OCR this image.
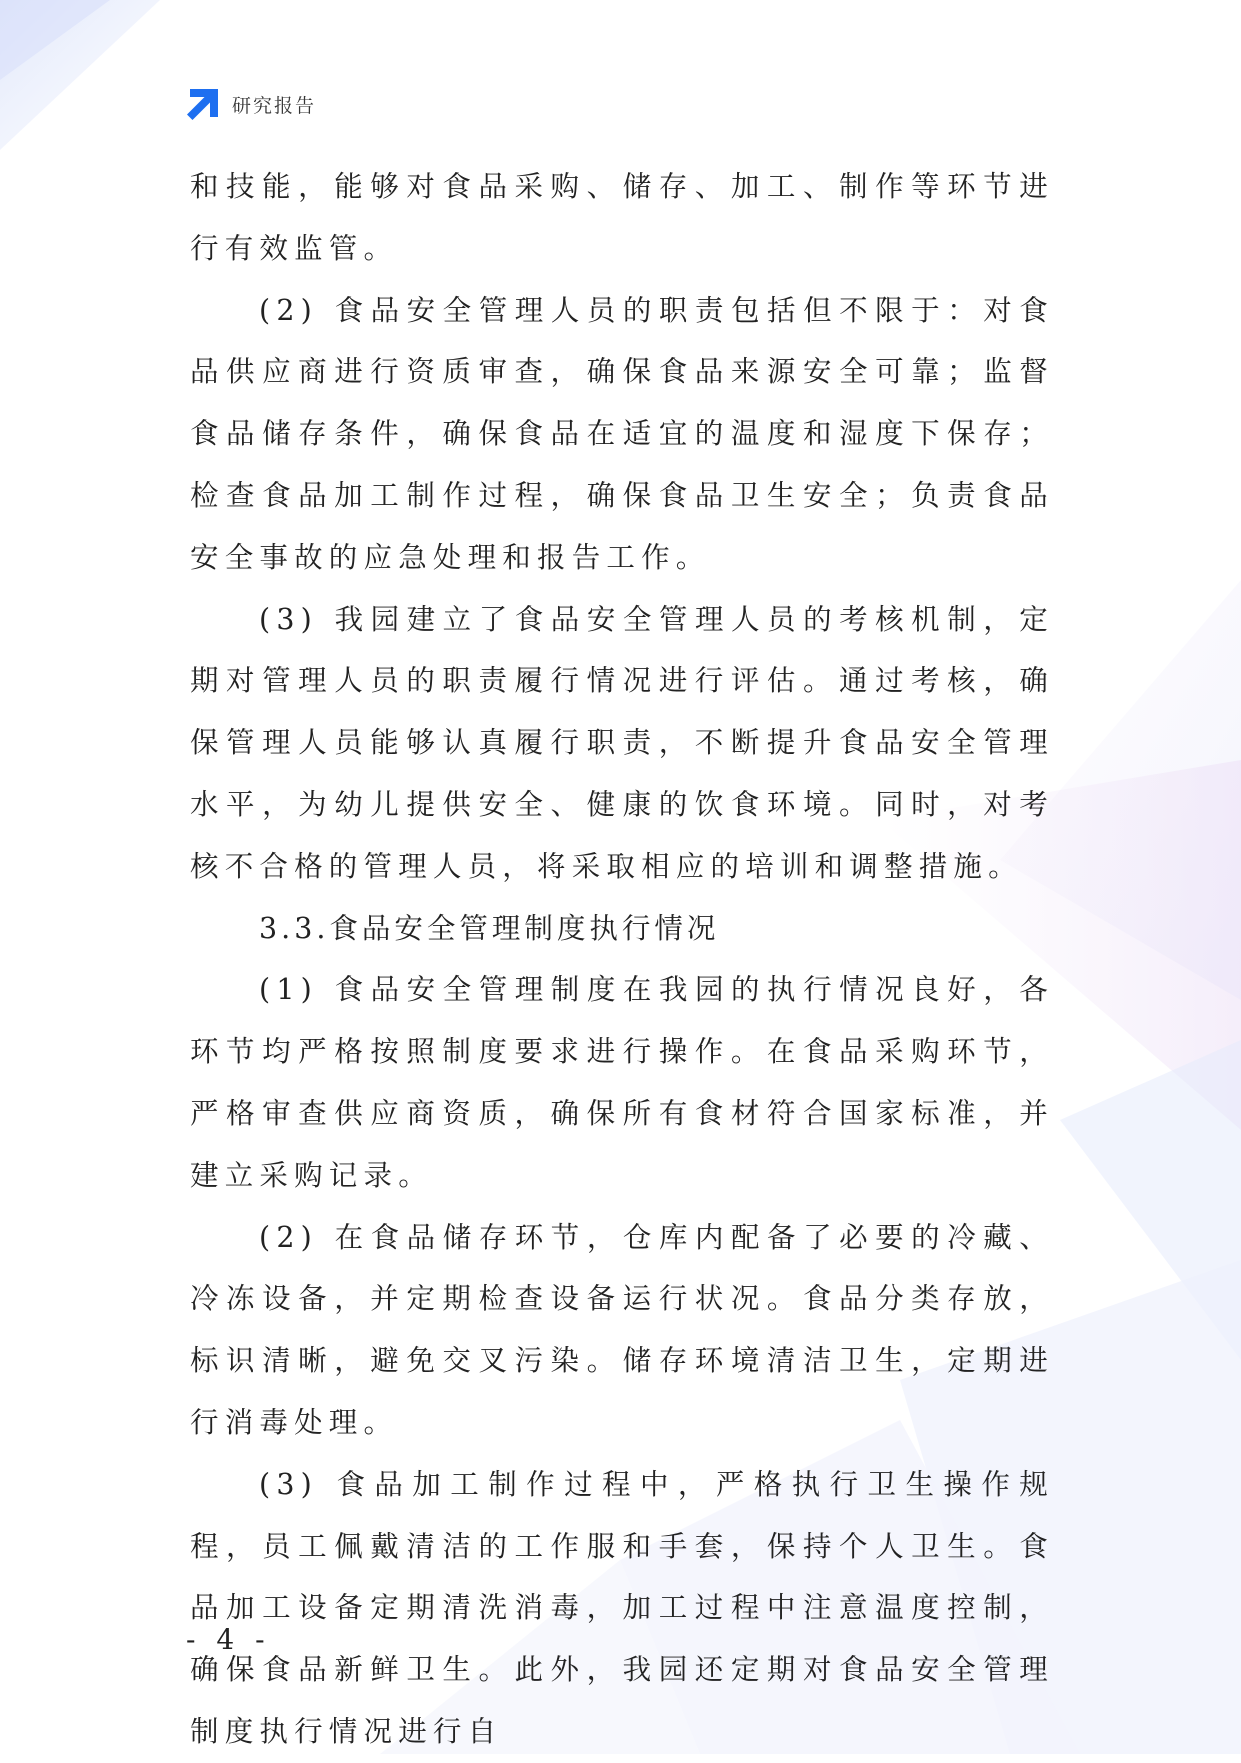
研究报告

和技能，能够对食品采购、储存、加工、制作等环节进行有效监管。

(2) 食品安全管理人员的职责包括但不限于：对食品供应商进行资质审查，确保食品来源安全可靠；监督食品储存条件，确保食品在适宜的温度和湿度下保存；检查食品加工制作过程，确保食品卫生安全；负责食品安全事故的应急处理和报告工作。

(3) 我园建立了食品安全管理人员的考核机制，定期对管理人员的职责履行情况进行评估。通过考核，确保管理人员能够认真履行职责，不断提升食品安全管理水平，为幼儿提供安全、健康的饮食环境。同时，对考核不合格的管理人员，将采取相应的培训和调整措施。

3.3.食品安全管理制度执行情况

(1) 食品安全管理制度在我园的执行情况良好，各环节均严格按照制度要求进行操作。在食品采购环节，严格审查供应商资质，确保所有食材符合国家标准，并建立采购记录。

(2) 在食品储存环节，仓库内配备了必要的冷藏、冷冻设备，并定期检查设备运行状况。食品分类存放，标识清晰，避免交叉污染。储存环境清洁卫生，定期进行消毒处理。

(3) 食品加工制作过程中，严格执行卫生操作规程，员工佩戴清洁的工作服和手套，保持个人卫生。食品加工设备定期清洗消毒，加工过程中注意温度控制，确保食品新鲜卫生。此外，我园还定期对食品安全管理制度执行情况进行自

- 4 -
